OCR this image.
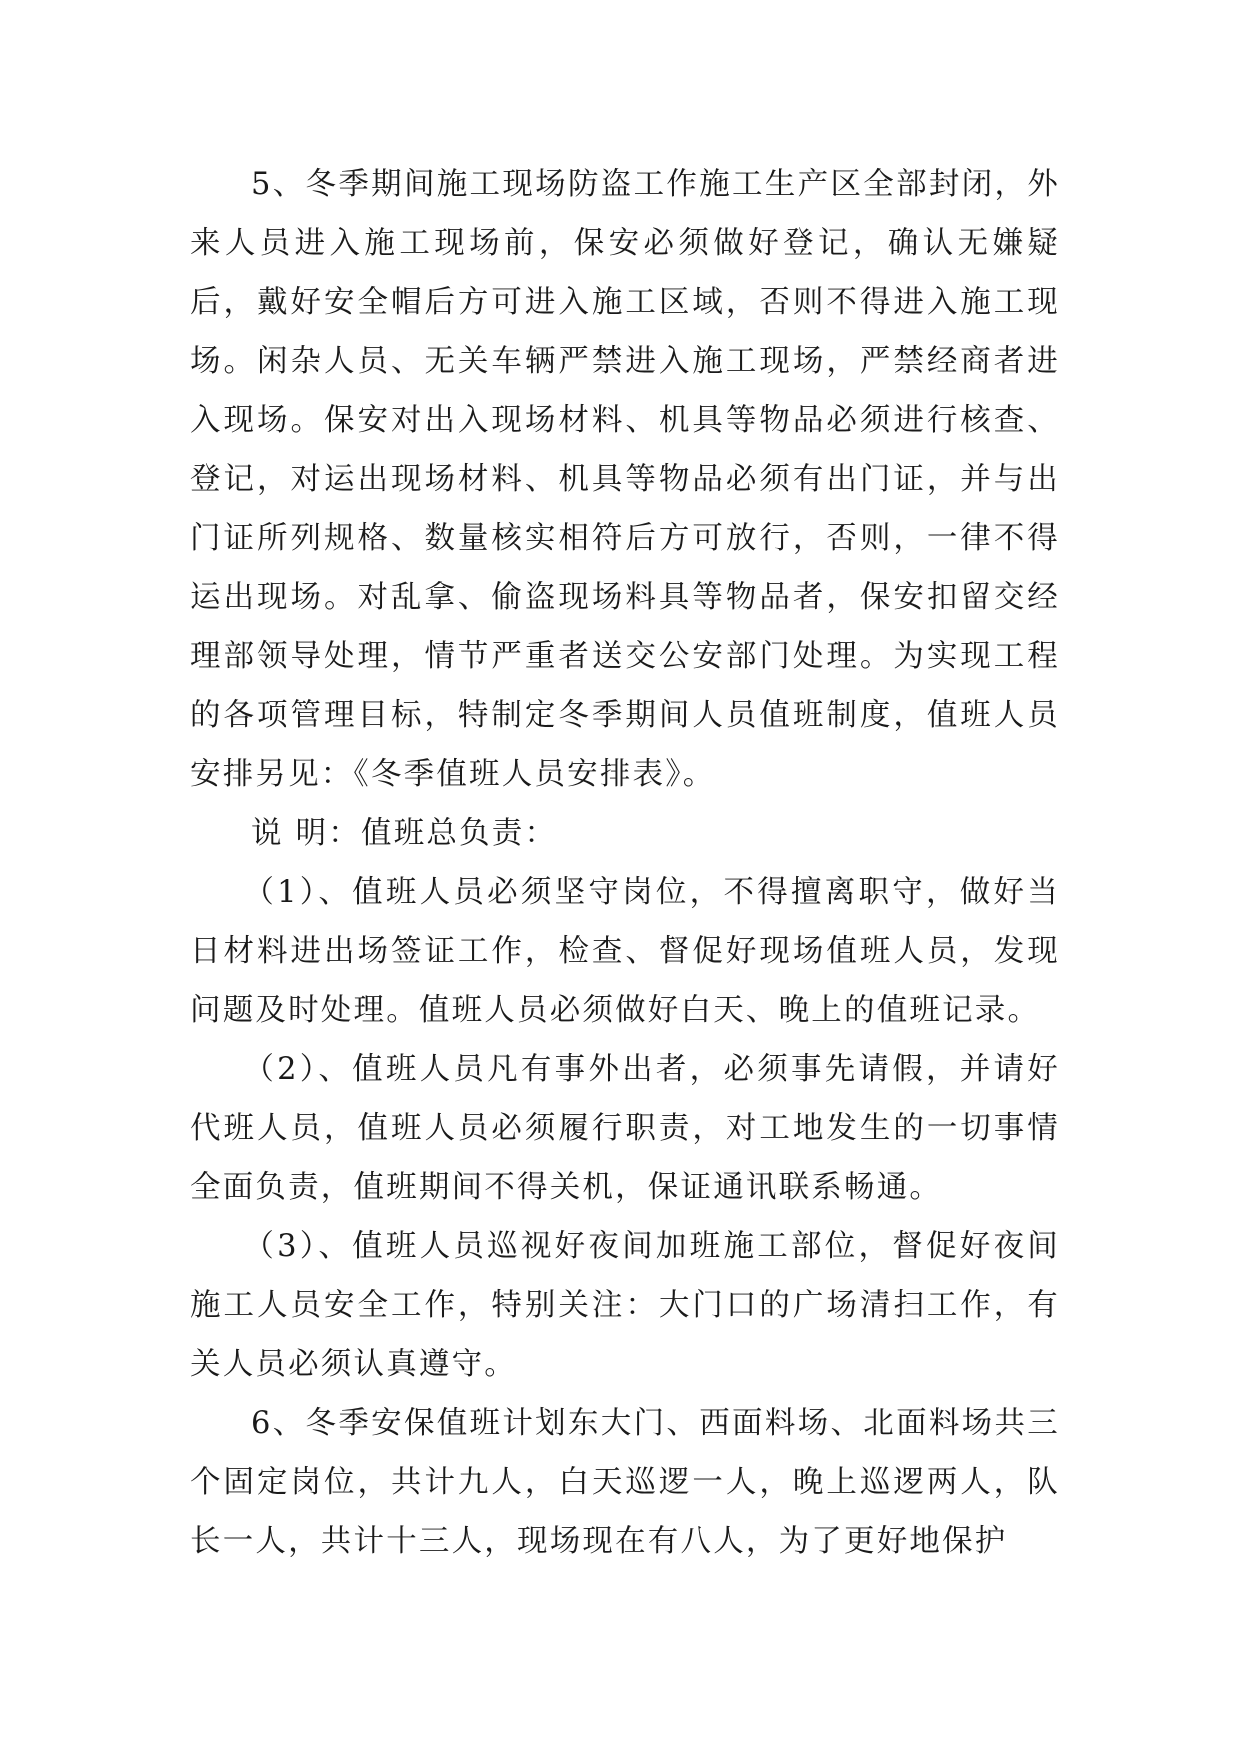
5、冬季期间施工现场防盗工作施工生产区全部封闭，外来人员进入施工现场前，保安必须做好登记，确认无嫌疑后，戴好安全帽后方可进入施工区域，否则不得进入施工现场。闲杂人员、无关车辆严禁进入施工现场，严禁经商者进入现场。保安对出入现场材料、机具等物品必须进行核查、登记，对运出现场材料、机具等物品必须有出门证，并与出门证所列规格、数量核实相符后方可放行，否则，一律不得运出现场。对乱拿、偷盗现场料具等物品者，保安扣留交经理部领导处理，情节严重者送交公安部门处理。为实现工程的各项管理目标，特制定冬季期间人员值班制度，值班人员安排另见：《冬季值班人员安排表》。

说 明：值班总负责：

（1）、值班人员必须坚守岗位，不得擅离职守，做好当日材料进出场签证工作，检查、督促好现场值班人员，发现问题及时处理。值班人员必须做好白天、晚上的值班记录。

（2）、值班人员凡有事外出者，必须事先请假，并请好代班人员，值班人员必须履行职责，对工地发生的一切事情全面负责，值班期间不得关机，保证通讯联系畅通。

（3）、值班人员巡视好夜间加班施工部位，督促好夜间施工人员安全工作，特别关注：大门口的广场清扫工作，有关人员必须认真遵守。

6、冬季安保值班计划东大门、西面料场、北面料场共三个固定岗位，共计九人，白天巡逻一人，晚上巡逻两人，队长一人，共计十三人，现场现在有八人，为了更好地保护
